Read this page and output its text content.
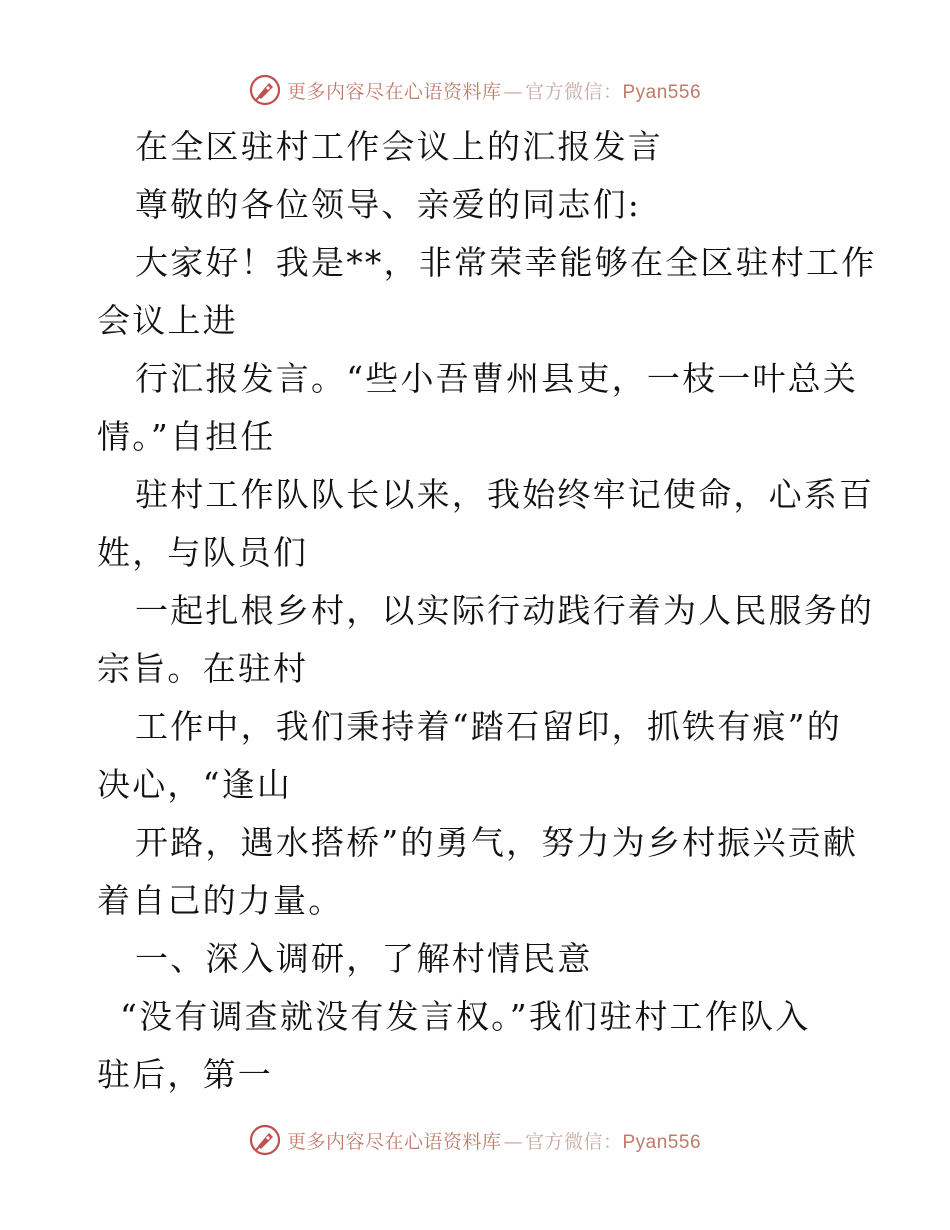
更多内容尽在心语资料库 — 官方微信： Pyan556
在全区驻村工作会议上的汇报发言
尊敬的各位领导、亲爱的同志们:
大家好！我是**，非常荣幸能够在全区驻村工作
会议上进
行汇报发言。“些小吾曹州县吏，一枝一叶总关
情。”自担任
驻村工作队队长以来，我始终牢记使命，心系百
姓，与队员们
一起扎根乡村，以实际行动践行着为人民服务的
宗旨。在驻村
工作中，我们秉持着“踏石留印，抓铁有痕”的
决心，“逢山
开路，遇水搭桥”的勇气，努力为乡村振兴贡献
着自己的力量。
一、深入调研，了解村情民意
“没有调查就没有发言权。”我们驻村工作队入
驻后，第一
更多内容尽在心语资料库 — 官方微信： Pyan556
